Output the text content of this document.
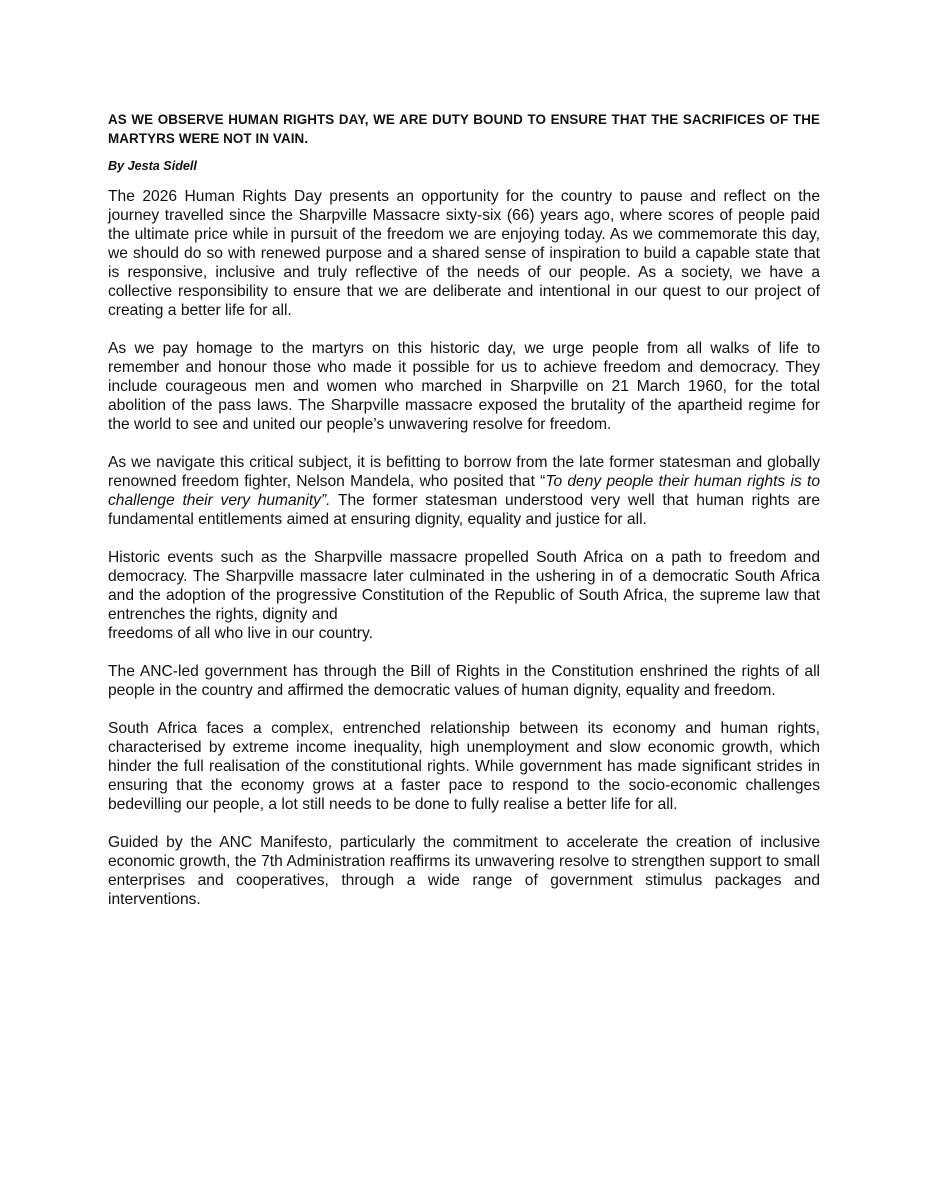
AS WE OBSERVE HUMAN RIGHTS DAY, WE ARE DUTY BOUND TO ENSURE THAT THE SACRIFICES OF THE MARTYRS WERE NOT IN VAIN.

By Jesta Sidell

The 2026 Human Rights Day presents an opportunity for the country to pause and reflect on the journey travelled since the Sharpville Massacre sixty-six (66) years ago, where scores of people paid the ultimate price while in pursuit of the freedom we are enjoying today. As we commemorate this day, we should do so with renewed purpose and a shared sense of inspiration to build a capable state that is responsive, inclusive and truly reflective of the needs of our people. As a society, we have a collective responsibility to ensure that we are deliberate and intentional in our quest to our project of creating a better life for all.

As we pay homage to the martyrs on this historic day, we urge people from all walks of life to remember and honour those who made it possible for us to achieve freedom and democracy. They include courageous men and women who marched in Sharpville on 21 March 1960, for the total abolition of the pass laws. The Sharpville massacre exposed the brutality of the apartheid regime for the world to see and united our people’s unwavering resolve for freedom.

As we navigate this critical subject, it is befitting to borrow from the late former statesman and globally renowned freedom fighter, Nelson Mandela, who posited that “To deny people their human rights is to challenge their very humanity”. The former statesman understood very well that human rights are fundamental entitlements aimed at ensuring dignity, equality and justice for all.

Historic events such as the Sharpville massacre propelled South Africa on a path to freedom and democracy. The Sharpville massacre later culminated in the ushering in of a democratic South Africa and the adoption of the progressive Constitution of the Republic of South Africa, the supreme law that entrenches the rights, dignity and
freedoms of all who live in our country.

The ANC-led government has through the Bill of Rights in the Constitution enshrined the rights of all people in the country and affirmed the democratic values of human dignity, equality and freedom.

South Africa faces a complex, entrenched relationship between its economy and human rights, characterised by extreme income inequality, high unemployment and slow economic growth, which hinder the full realisation of the constitutional rights. While government has made significant strides in ensuring that the economy grows at a faster pace to respond to the socio-economic challenges bedevilling our people, a lot still needs to be done to fully realise a better life for all.

Guided by the ANC Manifesto, particularly the commitment to accelerate the creation of inclusive economic growth, the 7th Administration reaffirms its unwavering resolve to strengthen support to small enterprises and cooperatives, through a wide range of government stimulus packages and interventions.
